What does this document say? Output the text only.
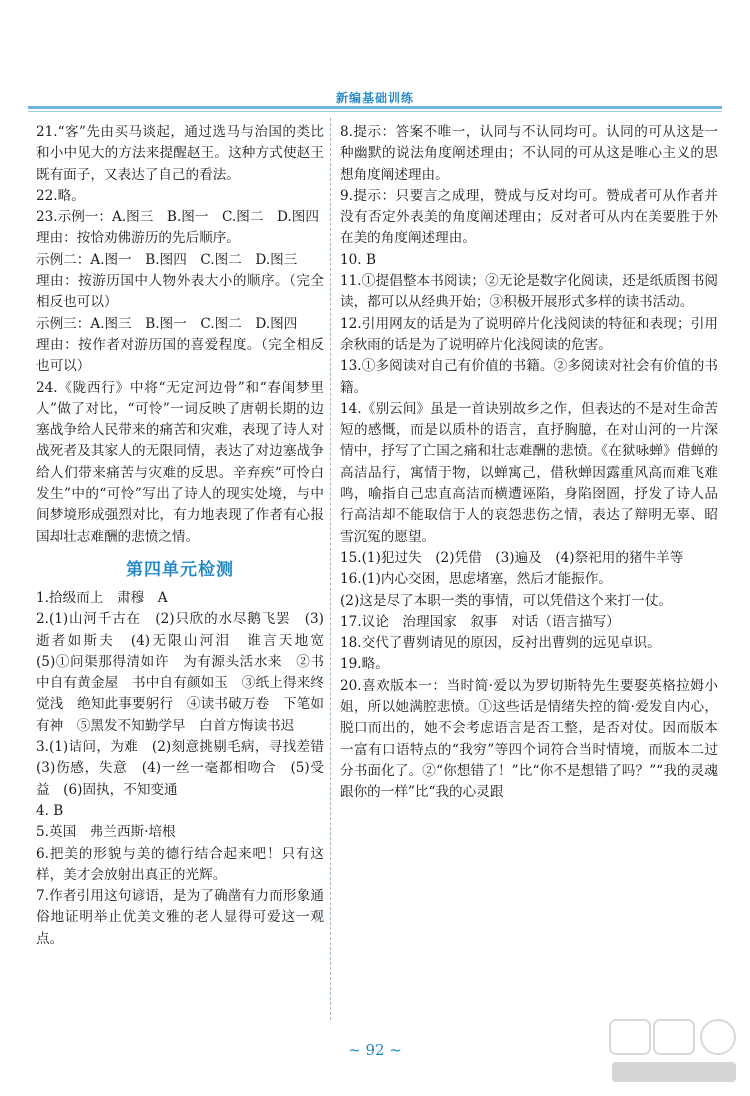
新编基础训练

21.“客”先由买马谈起，通过选马与治国的类比和小中见大的方法来提醒赵王。这种方式使赵王既有面子，又表达了自己的看法。

22.略。

23.示例一：A.图三　B.图一　C.图二　D.图四

理由：按恰劝佛游历的先后顺序。

示例二：A.图一　B.图四　C.图二　D.图三

理由：按游历国中人物外表大小的顺序。（完全相反也可以）

示例三：A.图三　B.图一　C.图二　D.图四

理由：按作者对游历国的喜爱程度。（完全相反也可以）

24.《陇西行》中将“无定河边骨”和“春闺梦里人”做了对比，“可怜”一词反映了唐朝长期的边塞战争给人民带来的痛苦和灾难，表现了诗人对战死者及其家人的无限同情，表达了对边塞战争给人们带来痛苦与灾难的反思。辛弃疾“可怜白发生”中的“可怜”写出了诗人的现实处境，与中间梦境形成强烈对比，有力地表现了作者有心报国却壮志难酬的悲愤之情。

第四单元检测

1.拾级而上　肃穆　A

2.(1)山河千古在　(2)只欣的水尽鹅飞罢　(3)逝者如斯夫　(4)无限山河泪　谁言天地宽　(5)①问渠那得清如许　为有源头活水来　②书中自有黄金屋　书中自有颜如玉　③纸上得来终觉浅　绝知此事要躬行　④读书破万卷　下笔如有神　⑤黑发不知勤学早　白首方悔读书迟

3.(1)诘问，为难　(2)刻意挑剔毛病，寻找差错　(3)伤感，失意　(4)一丝一毫都相吻合　(5)受益　(6)固执，不知变通

4. B

5.英国　弗兰西斯·培根

6.把美的形貌与美的德行结合起来吧！只有这样，美才会放射出真正的光辉。

7.作者引用这句谚语，是为了确凿有力而形象通俗地证明举止优美文雅的老人显得可爱这一观点。

8.提示：答案不唯一，认同与不认同均可。认同的可从这是一种幽默的说法角度阐述理由；不认同的可从这是唯心主义的思想角度阐述理由。

9.提示：只要言之成理，赞成与反对均可。赞成者可从作者并没有否定外表美的角度阐述理由；反对者可从内在美要胜于外在美的角度阐述理由。

10. B

11.①提倡整本书阅读；②无论是数字化阅读，还是纸质图书阅读，都可以从经典开始；③积极开展形式多样的读书活动。

12.引用网友的话是为了说明碎片化浅阅读的特征和表现；引用余秋雨的话是为了说明碎片化浅阅读的危害。

13.①多阅读对自己有价值的书籍。②多阅读对社会有价值的书籍。

14.《别云间》虽是一首诀别故乡之作，但表达的不是对生命苦短的感慨，而是以质朴的语言，直抒胸臆，在对山河的一片深情中，抒写了亡国之痛和壮志难酬的悲愤。《在狱咏蝉》借蝉的高洁品行，寓情于物，以蝉寓己，借秋蝉因露重风高而难飞难鸣，喻指自己忠直高洁而横遭诬陷，身陷囹圄，抒发了诗人品行高洁却不能取信于人的哀怨悲伤之情，表达了辩明无辜、昭雪沉冤的愿望。

15.(1)犯过失　(2)凭借　(3)遍及　(4)祭祀用的猪牛羊等

16.(1)内心交困，思虑堵塞，然后才能振作。

(2)这是尽了本职一类的事情，可以凭借这个来打一仗。

17.议论　治理国家　叙事　对话（语言描写）

18.交代了曹刿请见的原因，反衬出曹刿的远见卓识。

19.略。

20.喜欢版本一：当时简·爱以为罗切斯特先生要娶英格拉姆小姐，所以她满腔悲愤。①这些话是情绪失控的简·爱发自内心，脱口而出的，她不会考虑语言是否工整，是否对仗。因而版本一富有口语特点的“我穷”等四个词符合当时情境，而版本二过分书面化了。②“你想错了！”比“你不是想错了吗？”“我的灵魂跟你的一样”比“我的心灵跟

~ 92 ~
